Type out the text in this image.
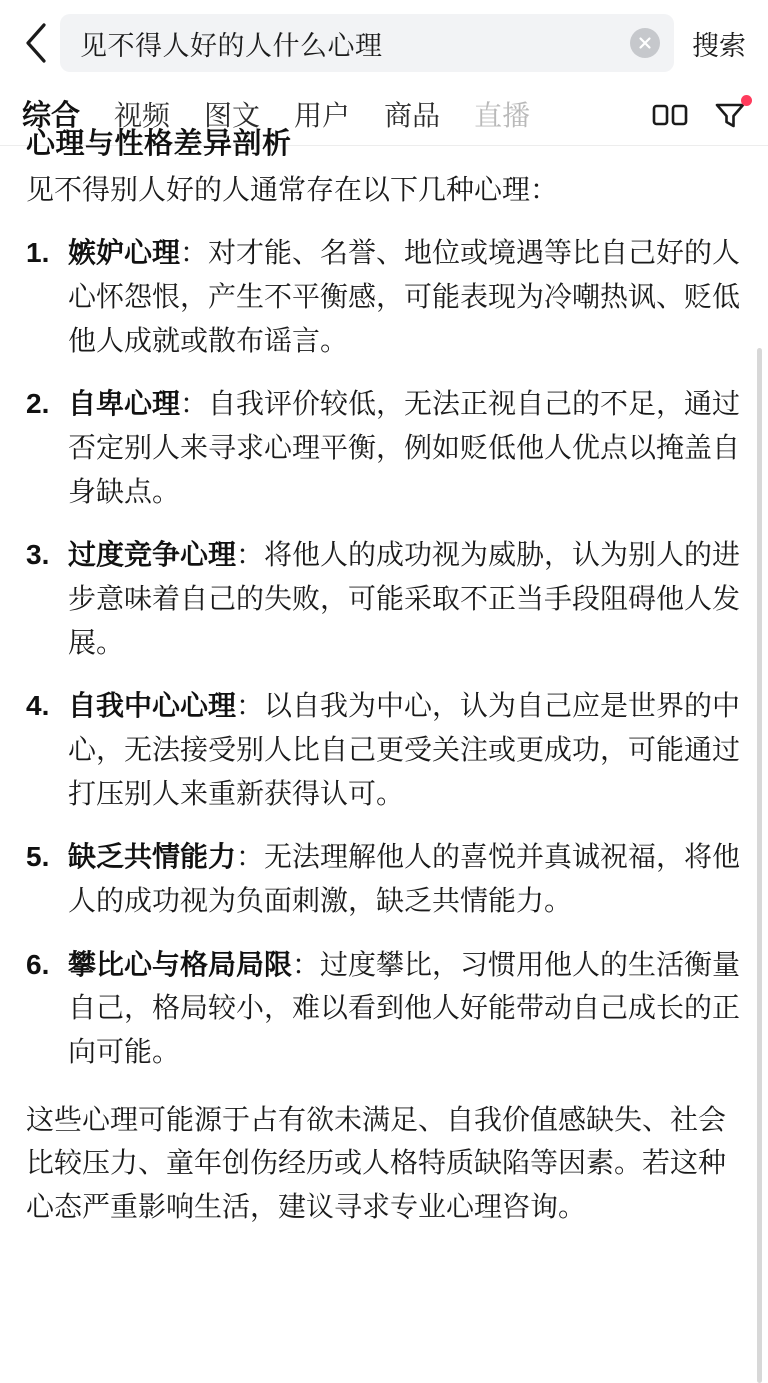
见不得人好的人什么心理	搜索
综合 视频 图文 用户 商品 直播
心理与性格差异剖析

见不得别人好的人通常存在以下几种心理：

1. 嫉妒心理：对才能、名誉、地位或境遇等比自己好的人心怀怨恨，产生不平衡感，可能表现为冷嘲热讽、贬低他人成就或散布谣言。
2. 自卑心理：自我评价较低，无法正视自己的不足，通过否定别人来寻求心理平衡，例如贬低他人优点以掩盖自身缺点。
3. 过度竞争心理：将他人的成功视为威胁，认为别人的进步意味着自己的失败，可能采取不正当手段阻碍他人发展。
4. 自我中心心理：以自我为中心，认为自己应是世界的中心，无法接受别人比自己更受关注或更成功，可能通过打压别人来重新获得认可。
5. 缺乏共情能力：无法理解他人的喜悦并真诚祝福，将他人的成功视为负面刺激，缺乏共情能力。
6. 攀比心与格局局限：过度攀比，习惯用他人的生活衡量自己，格局较小，难以看到他人好能带动自己成长的正向可能。

这些心理可能源于占有欲未满足、自我价值感缺失、社会比较压力、童年创伤经历或人格特质缺陷等因素。若这种心态严重影响生活，建议寻求专业心理咨询。
